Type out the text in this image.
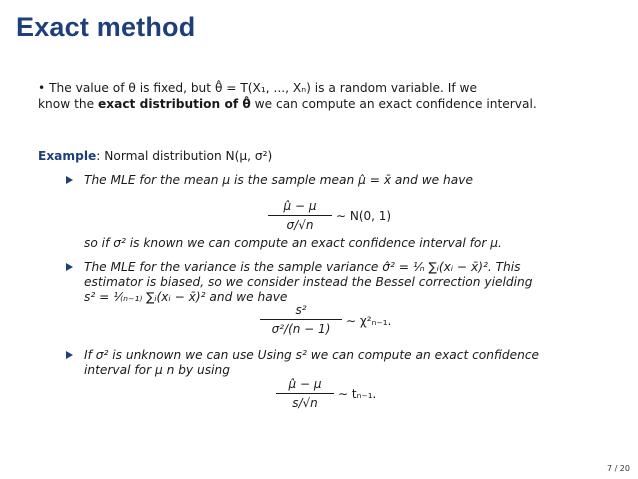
Exact method
• The value of θ is fixed, but θ̂ = T(X₁, ..., Xₙ) is a random variable. If we
know the exact distribution of θ̂ we can compute an exact confidence interval.
Example: Normal distribution N(μ, σ²)
The MLE for the mean μ is the sample mean μ̂ = x̄ and we have
$\frac{\mû - \mu}{\sigma/√n}$ ∼ N(0, 1)
so if σ² is known we can compute an exact confidence interval for μ.
The MLE for the variance is the sample variance σ̂² = ¹⁄ₙ ∑ᵢ(xᵢ − x̄)². This
estimator is biased, so we consider instead the Bessel correction yielding
s² = ¹⁄₍ₙ₋₁₎ ∑ᵢ(xᵢ − x̄)² and we have
$\frac{\text{s²}}{\text{σ²/(n − 1)}}$ ∼ χ²ₙ₋₁.
If σ² is unknown we can use Using s² we can compute an exact confidence
interval for μ n by using
$\frac{\mû - \mu}{s/√n}$ ∼ tₙ₋₁.
7 / 20
